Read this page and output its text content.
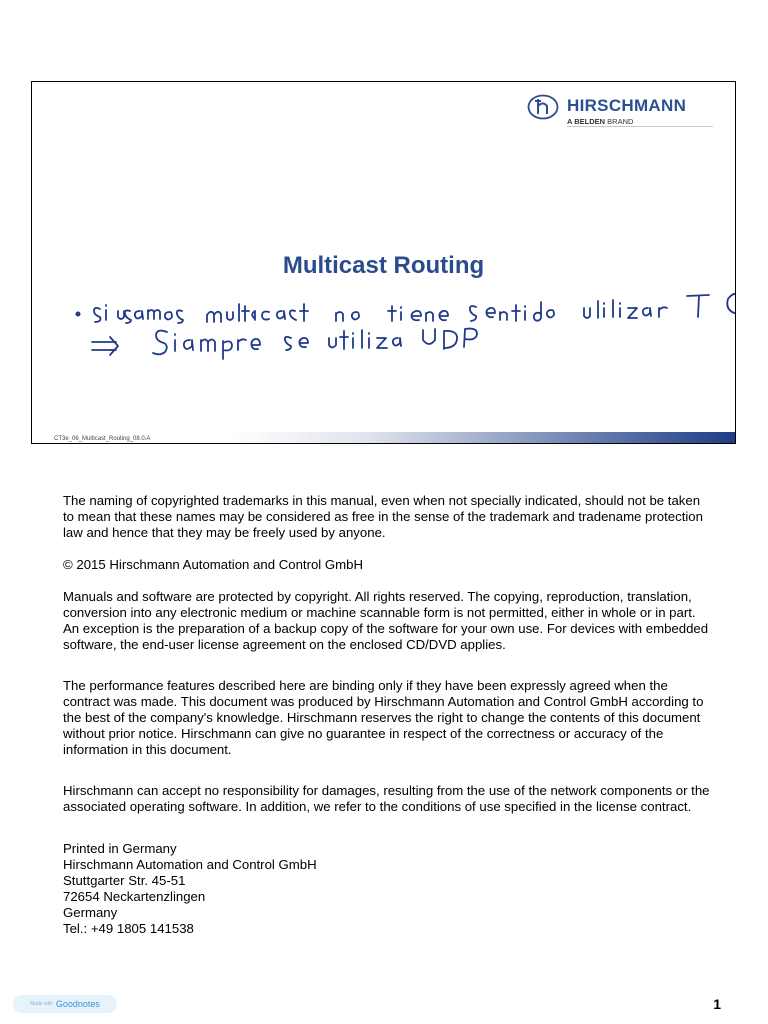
HIRSCHMANN
A BELDEN BRAND
Multicast Routing
CT3e_06_Multicast_Routing_08.0.A

The naming of copyrighted trademarks in this manual, even when not specially indicated, should not be taken to mean that these names may be considered as free in the sense of the trademark and tradename protection law and hence that they may be freely used by anyone.

© 2015 Hirschmann Automation and Control GmbH

Manuals and software are protected by copyright. All rights reserved. The copying, reproduction, translation, conversion into any electronic medium or machine scannable form is not permitted, either in whole or in part. An exception is the preparation of a backup copy of the software for your own use. For devices with embedded software, the end-user license agreement on the enclosed CD/DVD applies.

The performance features described here are binding only if they have been expressly agreed when the contract was made. This document was produced by Hirschmann Automation and Control GmbH according to the best of the company's knowledge. Hirschmann reserves the right to change the contents of this document without prior notice. Hirschmann can give no guarantee in respect of the correctness or accuracy of the information in this document.

Hirschmann can accept no responsibility for damages, resulting from the use of the network components or the associated operating software. In addition, we refer to the conditions of use specified in the license contract.

Printed in Germany
Hirschmann Automation and Control GmbH
Stuttgarter Str. 45-51
72654 Neckartenzlingen
Germany
Tel.: +49 1805 141538

Made with Goodnotes	1
